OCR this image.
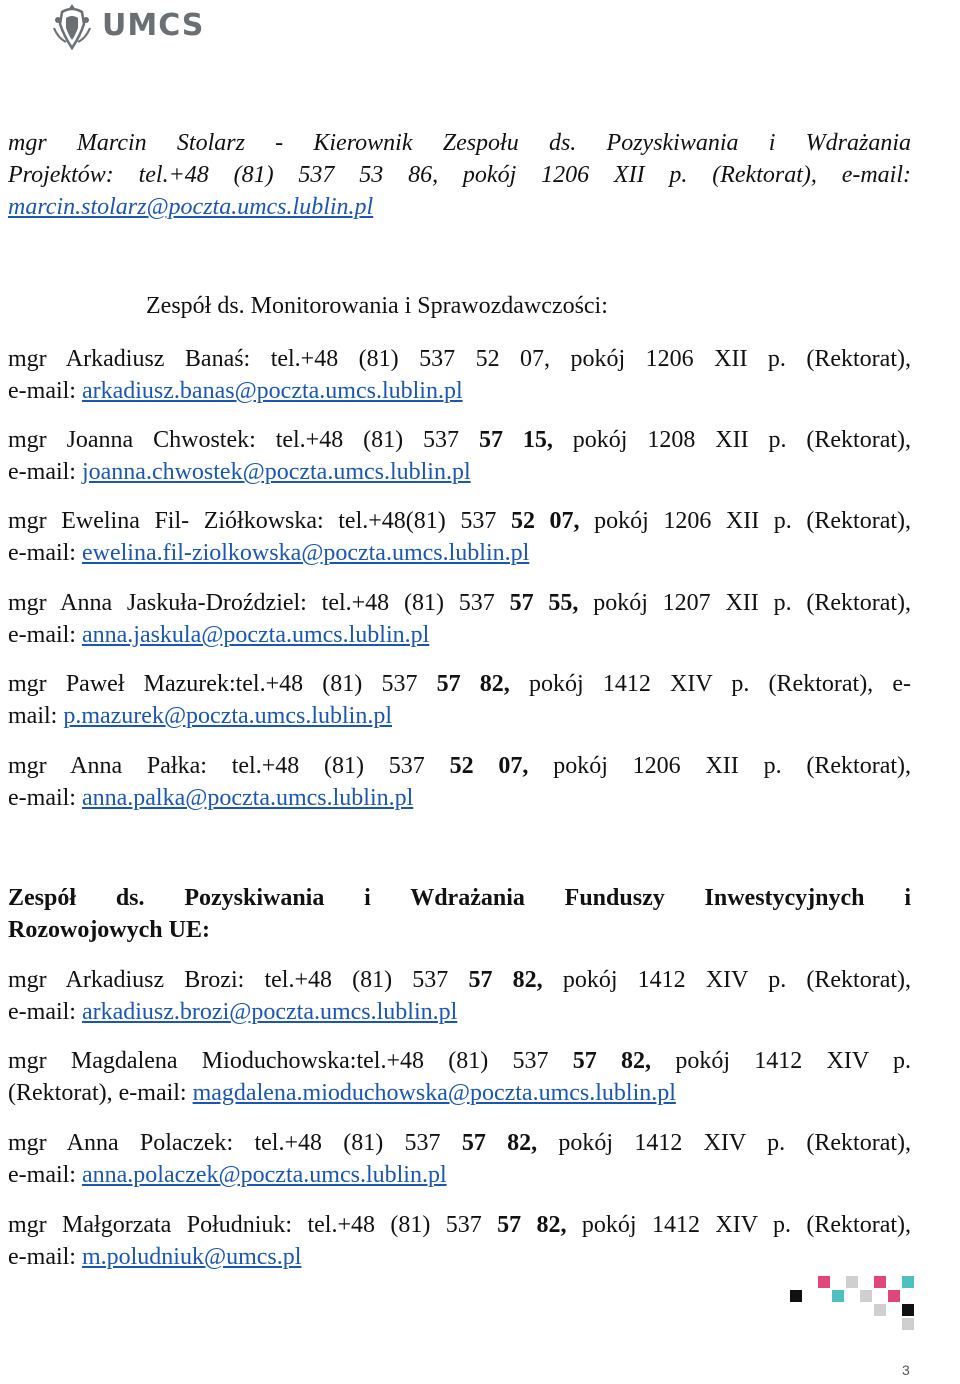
UMCS
mgr Marcin Stolarz - Kierownik Zespołu ds. Pozyskiwania i Wdrażania
Projektów: tel.+48 (81) 537 53 86, pokój 1206 XII p. (Rektorat), e-mail:
marcin.stolarz@poczta.umcs.lublin.pl
Zespół ds. Monitorowania i Sprawozdawczości:
mgr Arkadiusz Banaś: tel.+48 (81) 537 52 07, pokój 1206 XII p. (Rektorat),
e-mail: arkadiusz.banas@poczta.umcs.lublin.pl
mgr Joanna Chwostek: tel.+48 (81) 537 57 15, pokój 1208 XII p. (Rektorat),
e-mail: joanna.chwostek@poczta.umcs.lublin.pl
mgr Ewelina Fil- Ziółkowska: tel.+48(81) 537 52 07, pokój 1206 XII p. (Rektorat),
e-mail: ewelina.fil-ziolkowska@poczta.umcs.lublin.pl
mgr Anna Jaskuła-Droździel: tel.+48 (81) 537 57 55, pokój 1207 XII p. (Rektorat),
e-mail: anna.jaskula@poczta.umcs.lublin.pl
mgr Paweł Mazurek:tel.+48 (81) 537 57 82, pokój 1412 XIV p. (Rektorat), e-
mail: p.mazurek@poczta.umcs.lublin.pl
mgr Anna Pałka: tel.+48 (81) 537 52 07, pokój 1206 XII p. (Rektorat),
e-mail: anna.palka@poczta.umcs.lublin.pl
Zespół ds. Pozyskiwania i Wdrażania Funduszy Inwestycyjnych i
Rozowojowych UE:
mgr Arkadiusz Brozi: tel.+48 (81) 537 57 82, pokój 1412 XIV p. (Rektorat),
e-mail: arkadiusz.brozi@poczta.umcs.lublin.pl
mgr Magdalena Mioduchowska:tel.+48 (81) 537 57 82, pokój 1412 XIV p.
(Rektorat), e-mail: magdalena.mioduchowska@poczta.umcs.lublin.pl
mgr Anna Polaczek: tel.+48 (81) 537 57 82, pokój 1412 XIV p. (Rektorat),
e-mail: anna.polaczek@poczta.umcs.lublin.pl
mgr Małgorzata Południuk: tel.+48 (81) 537 57 82, pokój 1412 XIV p. (Rektorat),
e-mail: m.poludniuk@umcs.pl
3
